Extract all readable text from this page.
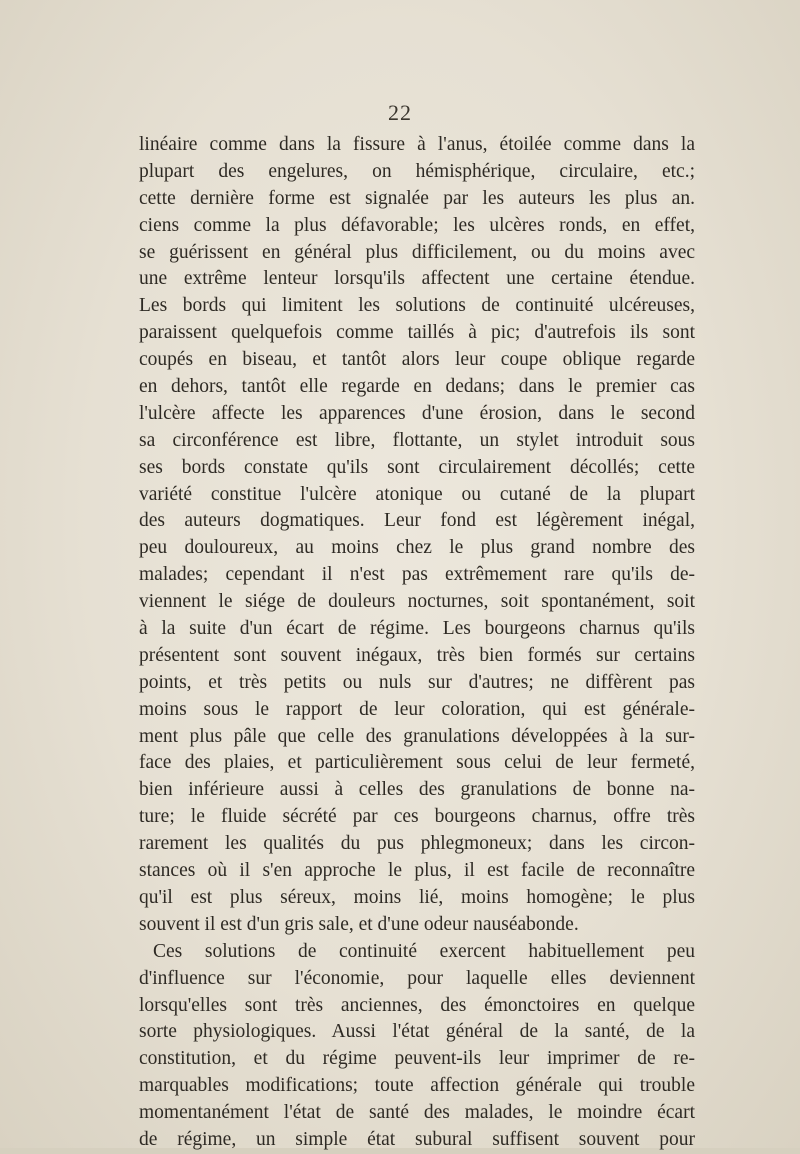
22
linéaire comme dans la fissure à l'anus, étoilée comme dans la
plupart des engelures, on hémisphérique, circulaire, etc.;
cette dernière forme est signalée par les auteurs les plus an.
ciens comme la plus défavorable; les ulcères ronds, en effet,
se guérissent en général plus difficilement, ou du moins avec
une extrême lenteur lorsqu'ils affectent une certaine étendue.
Les bords qui limitent les solutions de continuité ulcéreuses,
paraissent quelquefois comme taillés à pic; d'autrefois ils sont
coupés en biseau, et tantôt alors leur coupe oblique regarde
en dehors, tantôt elle regarde en dedans; dans le premier cas
l'ulcère affecte les apparences d'une érosion, dans le second
sa circonférence est libre, flottante, un stylet introduit sous
ses bords constate qu'ils sont circulairement décollés; cette
variété constitue l'ulcère atonique ou cutané de la plupart
des auteurs dogmatiques. Leur fond est légèrement inégal,
peu douloureux, au moins chez le plus grand nombre des
malades; cependant il n'est pas extrêmement rare qu'ils de-
viennent le siége de douleurs nocturnes, soit spontanément, soit
à la suite d'un écart de régime. Les bourgeons charnus qu'ils
présentent sont souvent inégaux, très bien formés sur certains
points, et très petits ou nuls sur d'autres; ne diffèrent pas
moins sous le rapport de leur coloration, qui est générale-
ment plus pâle que celle des granulations développées à la sur-
face des plaies, et particulièrement sous celui de leur fermeté,
bien inférieure aussi à celles des granulations de bonne na-
ture; le fluide sécrété par ces bourgeons charnus, offre très
rarement les qualités du pus phlegmoneux; dans les circon-
stances où il s'en approche le plus, il est facile de reconnaître
qu'il est plus séreux, moins lié, moins homogène; le plus
souvent il est d'un gris sale, et d'une odeur nauséabonde.
Ces solutions de continuité exercent habituellement peu
d'influence sur l'économie, pour laquelle elles deviennent
lorsqu'elles sont très anciennes, des émonctoires en quelque
sorte physiologiques. Aussi l'état général de la santé, de la
constitution, et du régime peuvent-ils leur imprimer de re-
marquables modifications; toute affection générale qui trouble
momentanément l'état de santé des malades, le moindre écart
de régime, un simple état subural suffisent souvent pour
